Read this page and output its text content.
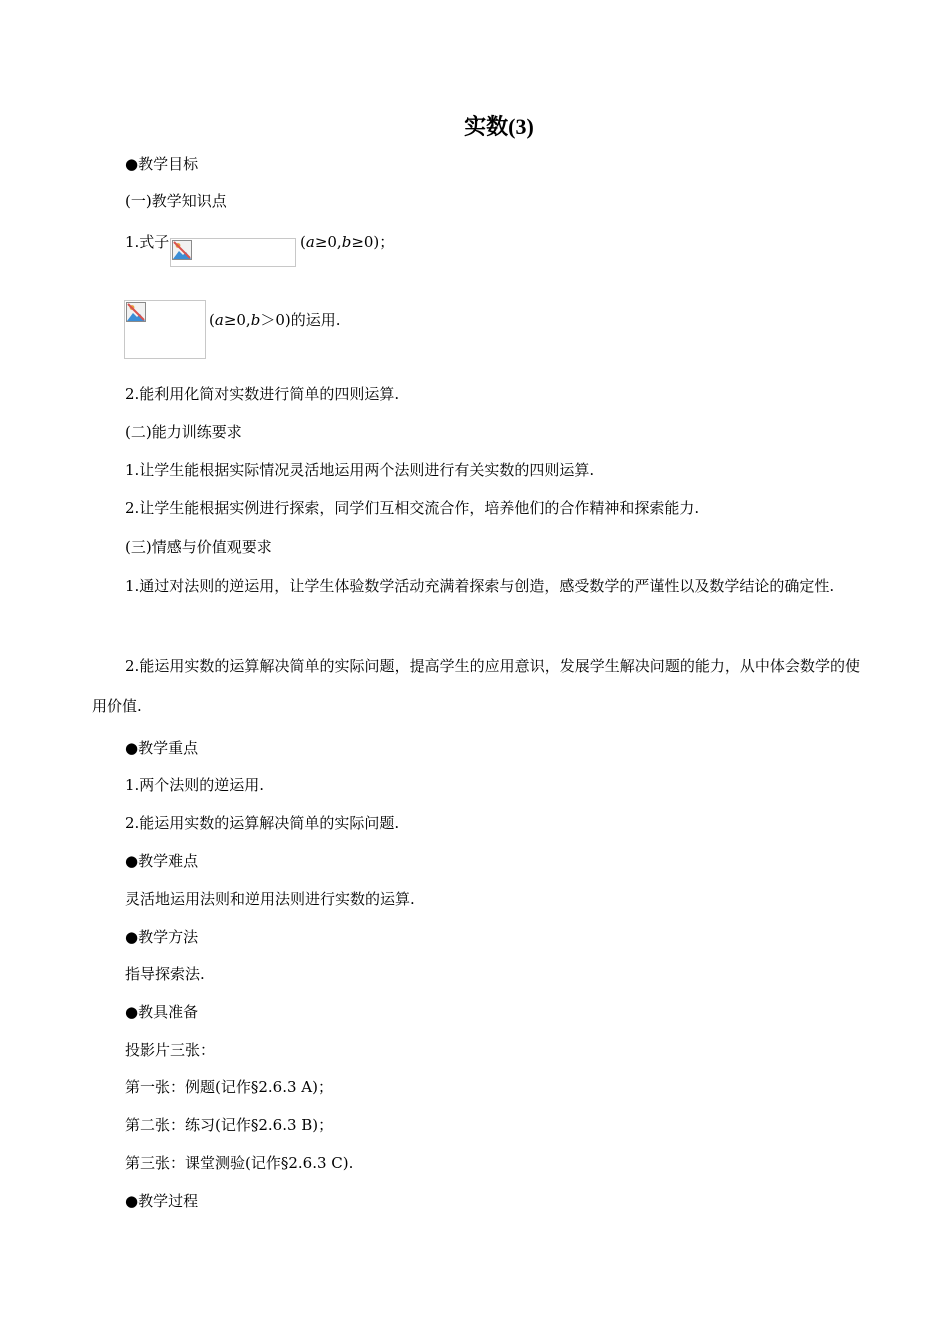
实数(3)
●教学目标
(一)教学知识点
1.式子	(a≥0,b≥0)；
(a≥0,b＞0)的运用.
2.能利用化简对实数进行简单的四则运算.
(二)能力训练要求
1.让学生能根据实际情况灵活地运用两个法则进行有关实数的四则运算.
2.让学生能根据实例进行探索，同学们互相交流合作，培养他们的合作精神和探索能力.
(三)情感与价值观要求
1.通过对法则的逆运用，让学生体验数学活动充满着探索与创造，感受数学的严谨性以及数学结论的确定性.
2.能运用实数的运算解决简单的实际问题，提高学生的应用意识，发展学生解决问题的能力，从中体会数学的使用价值.
●教学重点
1.两个法则的逆运用.
2.能运用实数的运算解决简单的实际问题.
●教学难点
灵活地运用法则和逆用法则进行实数的运算.
●教学方法
指导探索法.
●教具准备
投影片三张：
第一张：例题(记作§2.6.3 A)；
第二张：练习(记作§2.6.3 B)；
第三张：课堂测验(记作§2.6.3 C).
●教学过程
